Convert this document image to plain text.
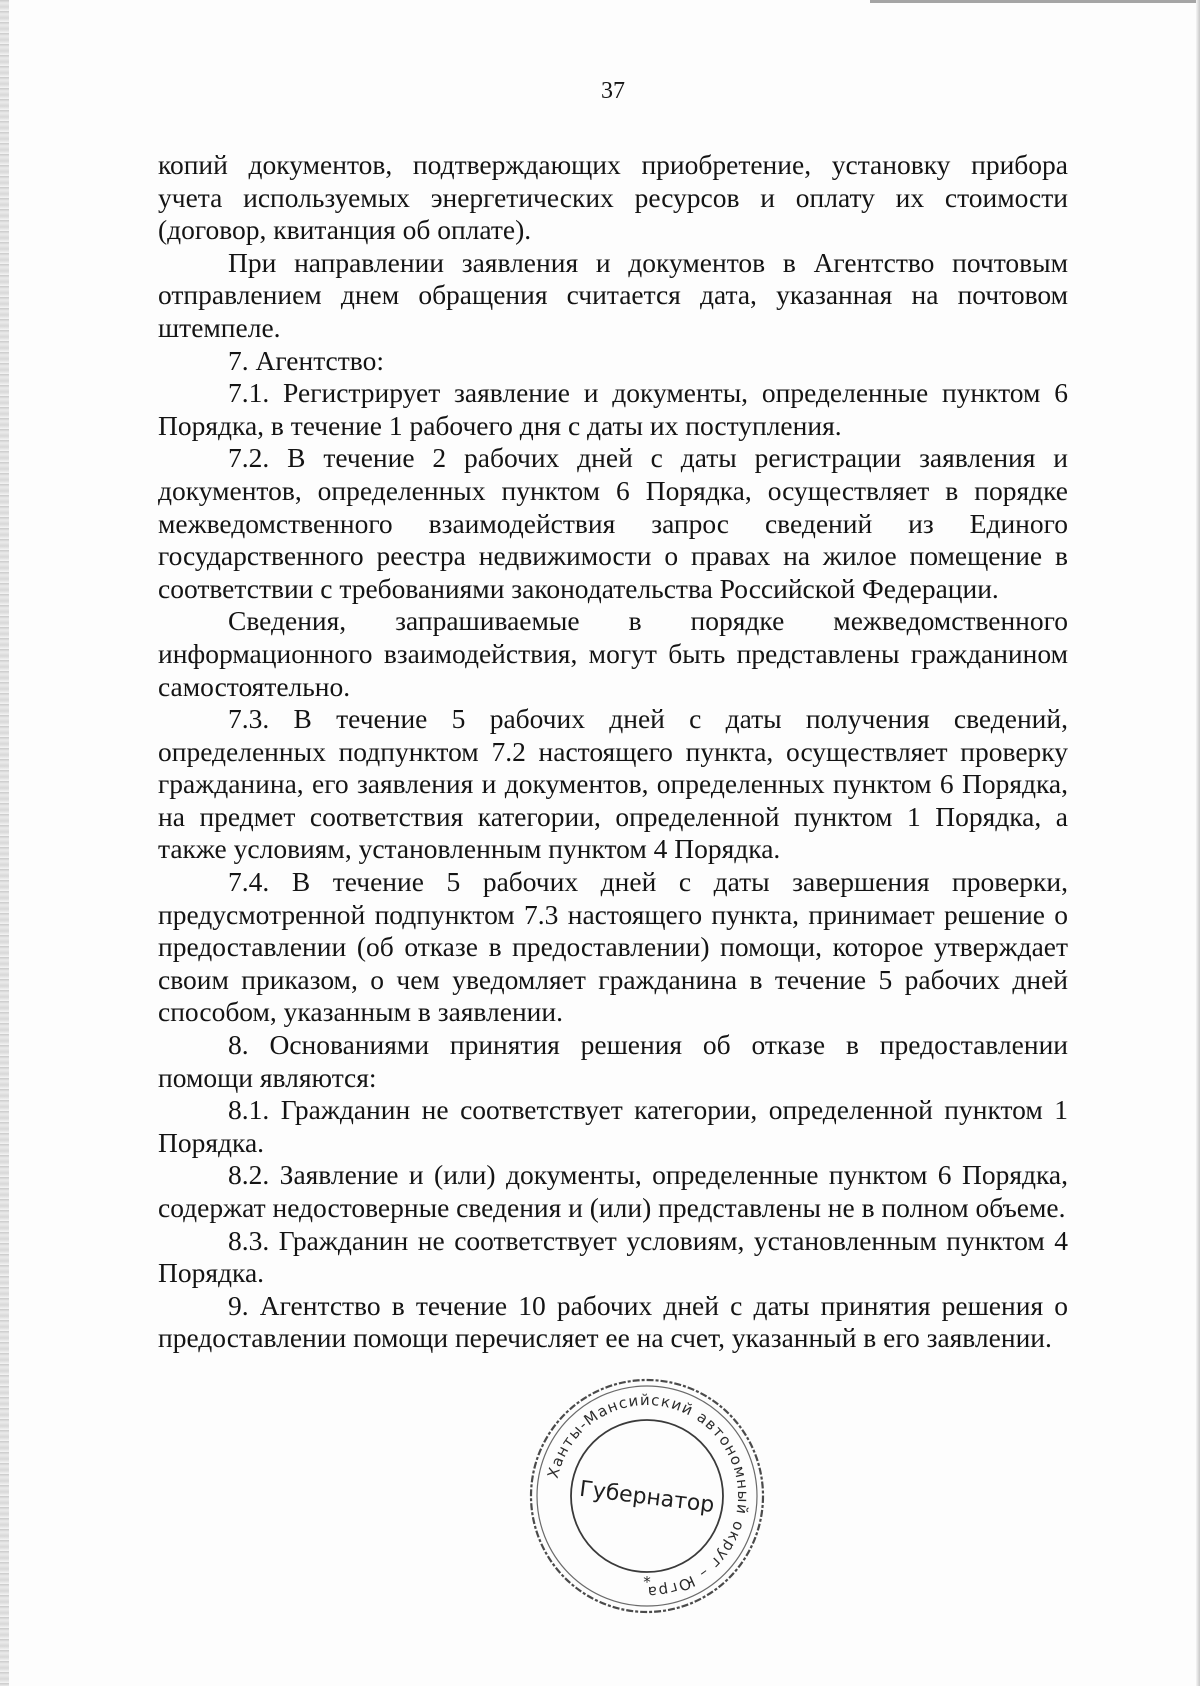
37

копий документов, подтверждающих приобретение, установку прибора учета используемых энергетических ресурсов и оплату их стоимости (договор, квитанция об оплате).

При направлении заявления и документов в Агентство почтовым отправлением днем обращения считается дата, указанная на почтовом штемпеле.

7. Агентство:

7.1. Регистрирует заявление и документы, определенные пунктом 6 Порядка, в течение 1 рабочего дня с даты их поступления.

7.2. В течение 2 рабочих дней с даты регистрации заявления и документов, определенных пунктом 6 Порядка, осуществляет в порядке межведомственного взаимодействия запрос сведений из Единого государственного реестра недвижимости о правах на жилое помещение в соответствии с требованиями законодательства Российской Федерации.

Сведения, запрашиваемые в порядке межведомственного информационного взаимодействия, могут быть представлены гражданином самостоятельно.

7.3. В течение 5 рабочих дней с даты получения сведений, определенных подпунктом 7.2 настоящего пункта, осуществляет проверку гражданина, его заявления и документов, определенных пунктом 6 Порядка, на предмет соответствия категории, определенной пунктом 1 Порядка, а также условиям, установленным пунктом 4 Порядка.

7.4. В течение 5 рабочих дней с даты завершения проверки, предусмотренной подпунктом 7.3 настоящего пункта, принимает решение о предоставлении (об отказе в предоставлении) помощи, которое утверждает своим приказом, о чем уведомляет гражданина в течение 5 рабочих дней способом, указанным в заявлении.

8. Основаниями принятия решения об отказе в предоставлении помощи являются:

8.1. Гражданин не соответствует категории, определенной пунктом 1 Порядка.

8.2. Заявление и (или) документы, определенные пунктом 6 Порядка, содержат недостоверные сведения и (или) представлены не в полном объеме.

8.3. Гражданин не соответствует условиям, установленным пунктом 4 Порядка.

9. Агентство в течение 10 рабочих дней с даты принятия решения о предоставлении помощи перечисляет ее на счет, указанный в его заявлении.

Ханты-Мансийский автономный округ – Югра
Губернатор
*
